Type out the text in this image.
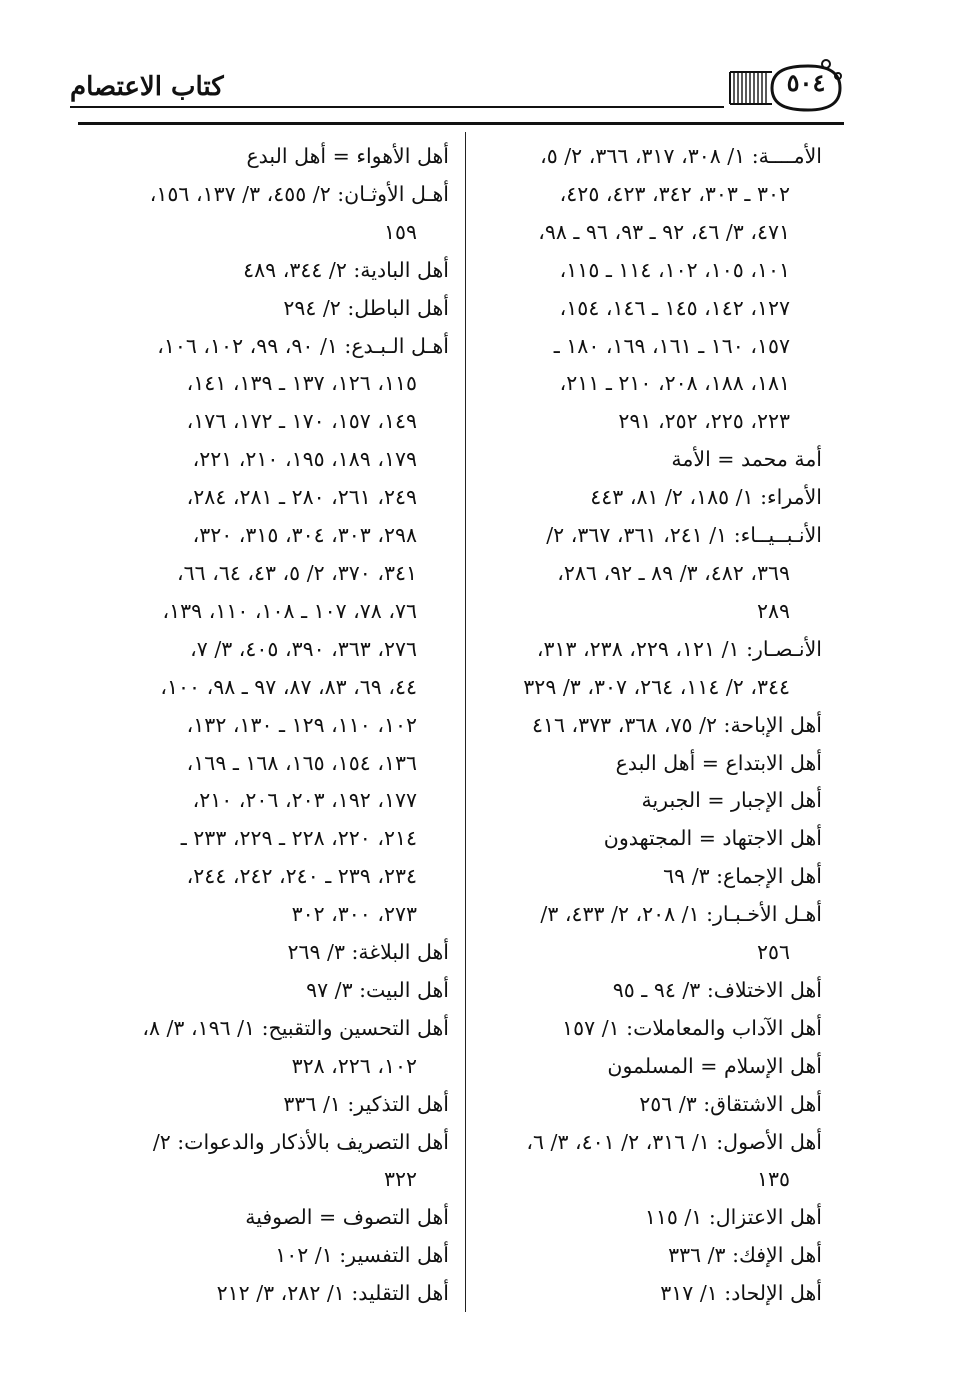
كتاب الاعتصام	٥٠٤
الأمــــة: ١/ ٣٠٨، ٣١٧، ٣٦٦، ٢/ ٥،
٣٠٢ ـ ٣٠٣، ٣٤٢، ٤٢٣، ٤٢٥،
٤٧١، ٣/ ٤٦، ٩٢ ـ ٩٣، ٩٦ ـ ٩٨،
١٠١، ١٠٥، ١٠٢، ١١٤ ـ ١١٥،
١٢٧، ١٤٢، ١٤٥ ـ ١٤٦، ١٥٤،
١٥٧، ١٦٠ ـ ١٦١، ١٦٩، ١٨٠ ـ
١٨١، ١٨٨، ٢٠٨، ٢١٠ ـ ٢١١،
٢٢٣، ٢٢٥، ٢٥٢، ٢٩١
أمة محمد = الأمة
الأمراء: ١/ ١٨٥، ٢/ ٨١، ٤٤٣
الأنـبــيــاء: ١/ ٢٤١، ٣٦١، ٣٦٧، ٢/
٣٦٩، ٤٨٢، ٣/ ٨٩ ـ ٩٢، ٢٨٦،
٢٨٩
الأنـصـار: ١/ ١٢١، ٢٢٩، ٢٣٨، ٣١٣،
٣٤٤، ٢/ ١١٤، ٢٦٤، ٣٠٧، ٣/ ٣٢٩
أهل الإباحة: ٢/ ٧٥، ٣٦٨، ٣٧٣، ٤١٦
أهل الابتداع = أهل البدع
أهل الإجبار = الجبرية
أهل الاجتهاد = المجتهدون
أهل الإجماع: ٣/ ٦٩
أهـل الأخـبـار: ١/ ٢٠٨، ٢/ ٤٣٣، ٣/
٢٥٦
أهل الاختلاف: ٣/ ٩٤ ـ ٩٥
أهل الآداب والمعاملات: ١/ ١٥٧
أهل الإسلام = المسلمون
أهل الاشتقاق: ٣/ ٢٥٦
أهل الأصول: ١/ ٣١٦، ٢/ ٤٠١، ٣/ ٦،
١٣٥
أهل الاعتزال: ١/ ١١٥
أهل الإفك: ٣/ ٣٣٦
أهل الإلحاد: ١/ ٣١٧
أهل الأهواء = أهل البدع
أهـل الأوثـان: ٢/ ٤٥٥، ٣/ ١٣٧، ١٥٦،
١٥٩
أهل البادية: ٢/ ٣٤٤، ٤٨٩
أهل الباطل: ٢/ ٢٩٤
أهـل الـبـدع: ١/ ٩٠، ٩٩، ١٠٢، ١٠٦،
١١٥، ١٢٦، ١٣٧ ـ ١٣٩، ١٤١،
١٤٩، ١٥٧، ١٧٠ ـ ١٧٢، ١٧٦،
١٧٩، ١٨٩، ١٩٥، ٢١٠، ٢٢١،
٢٤٩، ٢٦١، ٢٨٠ ـ ٢٨١، ٢٨٤،
٢٩٨، ٣٠٣، ٣٠٤، ٣١٥، ٣٢٠،
٣٤١، ٣٧٠، ٢/ ٥، ٤٣، ٦٤، ٦٦،
٧٦، ٧٨، ١٠٧ ـ ١٠٨، ١١٠، ١٣٩،
٢٧٦، ٣٦٣، ٣٩٠، ٤٠٥، ٣/ ٧،
٤٤، ٦٩، ٨٣، ٨٧، ٩٧ ـ ٩٨، ١٠٠،
١٠٢، ١١٠، ١٢٩ ـ ١٣٠، ١٣٢،
١٣٦، ١٥٤، ١٦٥، ١٦٨ ـ ١٦٩،
١٧٧، ١٩٢، ٢٠٣، ٢٠٦، ٢١٠،
٢١٤، ٢٢٠، ٢٢٨ ـ ٢٢٩، ٢٣٣ ـ
٢٣٤، ٢٣٩ ـ ٢٤٠، ٢٤٢، ٢٤٤،
٢٧٣، ٣٠٠، ٣٠٢
أهل البلاغة: ٣/ ٢٦٩
أهل البيت: ٣/ ٩٧
أهل التحسين والتقبيح: ١/ ١٩٦، ٣/ ٨،
١٠٢، ٢٢٦، ٣٢٨
أهل التذكير: ١/ ٣٣٦
أهل التصريف بالأذكار والدعوات: ٢/
٣٢٢
أهل التصوف = الصوفية
أهل التفسير: ١/ ١٠٢
أهل التقليد: ١/ ٢٨٢، ٣/ ٢١٢
